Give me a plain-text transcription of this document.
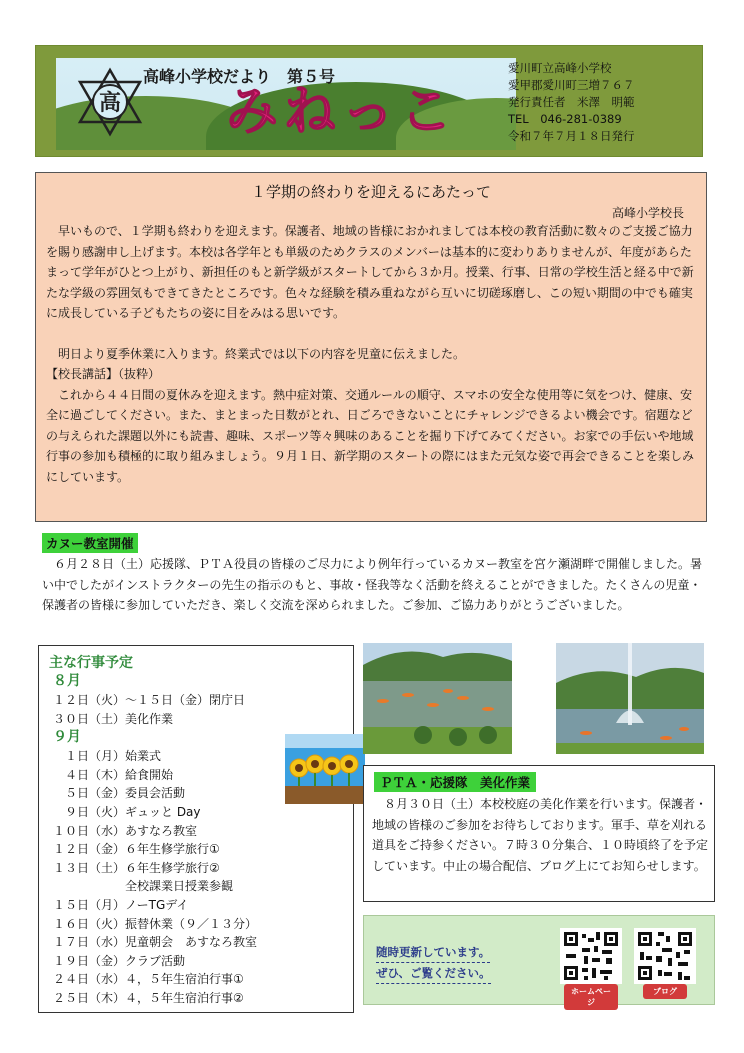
高
高峰小学校だより　第５号
みねっこ
愛川町立高峰小学校
愛甲郡愛川町三増７６７
発行責任者　米澤　明範
TEL　046-281-0389
令和７年７月１８日発行
１学期の終わりを迎えるにあたって
高峰小学校長

　早いもので、１学期も終わりを迎えます。保護者、地域の皆様におかれましては本校の教育活動に数々のご支援ご協力を賜り感謝申し上げます。本校は各学年とも単級のためクラスのメンバーは基本的に変わりありませんが、年度があらたまって学年がひとつ上がり、新担任のもと新学級がスタートしてから３か月。授業、行事、日常の学校生活と経る中で新たな学級の雰囲気もできてきたところです。色々な経験を積み重ねながら互いに切磋琢磨し、この短い期間の中でも確実に成長している子どもたちの姿に目をみはる思いです。

　明日より夏季休業に入ります。終業式では以下の内容を児童に伝えました。

【校長講話】（抜粋）

　これから４４日間の夏休みを迎えます。熱中症対策、交通ルールの順守、スマホの安全な使用等に気をつけ、健康、安全に過ごしてください。また、まとまった日数がとれ、日ごろできないことにチャレンジできるよい機会です。宿題などの与えられた課題以外にも読書、趣味、スポーツ等々興味のあることを掘り下げてみてください。お家での手伝いや地域行事の参加も積極的に取り組みましょう。９月１日、新学期のスタートの際にはまた元気な姿で再会できることを楽しみにしています。

カヌー教室開催
６月２８日（土）応援隊、ＰＴＡ役員の皆様のご尽力により例年行っているカヌー教室を宮ケ瀬湖畔で開催しました。暑い中でしたがインストラクターの先生の指示のもと、事故・怪我等なく活動を終えることができました。たくさんの児童・保護者の皆様に参加していただき、楽しく交流を深められました。ご参加、ご協力ありがとうございました。
主な行事予定
８月
１２日（火）～１５日（金）閉庁日
３０日（土）美化作業
９月
　１日（月）始業式
　４日（木）給食開始
　５日（金）委員会活動
　９日（火）ギュッと Day
１０日（水）あすなろ教室
１２日（金）６年生修学旅行①
１３日（土）６年生修学旅行②
　　　　　　全校課業日授業参観
１５日（月）ノーTGデイ
１６日（火）振替休業（９／１３分）
１７日（水）児童朝会　あすなろ教室
１９日（金）クラブ活動
２４日（水）４，５年生宿泊行事①
２５日（木）４，５年生宿泊行事②
ＰＴＡ・応援隊　美化作業
８月３０日（土）本校校庭の美化作業を行います。保護者・地域の皆様のご参加をお待ちしております。軍手、草を刈れる道具をご持参ください。７時３０分集合、１０時頃終了を予定しています。中止の場合配信、ブログ上にてお知らせします。
随時更新しています。
ぜひ、ご覧ください。
ホームページ
ブログ
